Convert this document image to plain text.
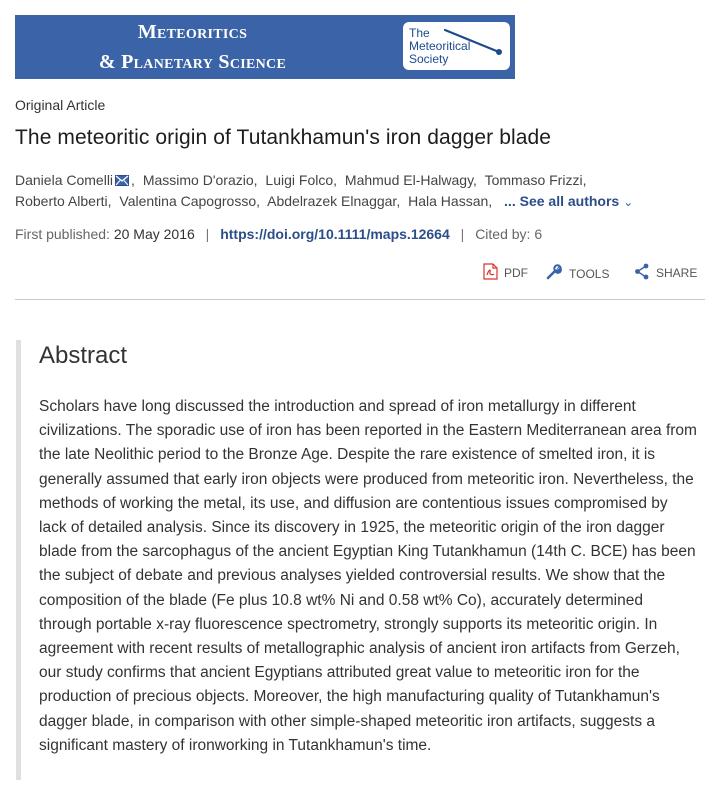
Meteoritics
& Planetary Science
The
Meteoritical
Society
Original Article
The meteoritic origin of Tutankhamun's iron dagger blade
Daniela Comelli , Massimo D'orazio, Luigi Folco, Mahmud El-Halwagy, Tommaso Frizzi,
Roberto Alberti, Valentina Capogrosso, Abdelrazek Elnaggar, Hala Hassan, ... See all authors ⌄
First published: 20 May 2016 | https://doi.org/10.1111/maps.12664 | Cited by: 6
PDF	TOOLS	SHARE
Abstract

Scholars have long discussed the introduction and spread of iron metallurgy in different civilizations. The sporadic use of iron has been reported in the Eastern Mediterranean area from the late Neolithic period to the Bronze Age. Despite the rare existence of smelted iron, it is generally assumed that early iron objects were produced from meteoritic iron. Nevertheless, the methods of working the metal, its use, and diffusion are contentious issues compromised by lack of detailed analysis. Since its discovery in 1925, the meteoritic origin of the iron dagger blade from the sarcophagus of the ancient Egyptian King Tutankhamun (14th C. BCE) has been the subject of debate and previous analyses yielded controversial results. We show that the composition of the blade (Fe plus 10.8 wt% Ni and 0.58 wt% Co), accurately determined through portable x-ray fluorescence spectrometry, strongly supports its meteoritic origin. In agreement with recent results of metallographic analysis of ancient iron artifacts from Gerzeh, our study confirms that ancient Egyptians attributed great value to meteoritic iron for the production of precious objects. Moreover, the high manufacturing quality of Tutankhamun's dagger blade, in comparison with other simple-shaped meteoritic iron artifacts, suggests a significant mastery of ironworking in Tutankhamun's time.
